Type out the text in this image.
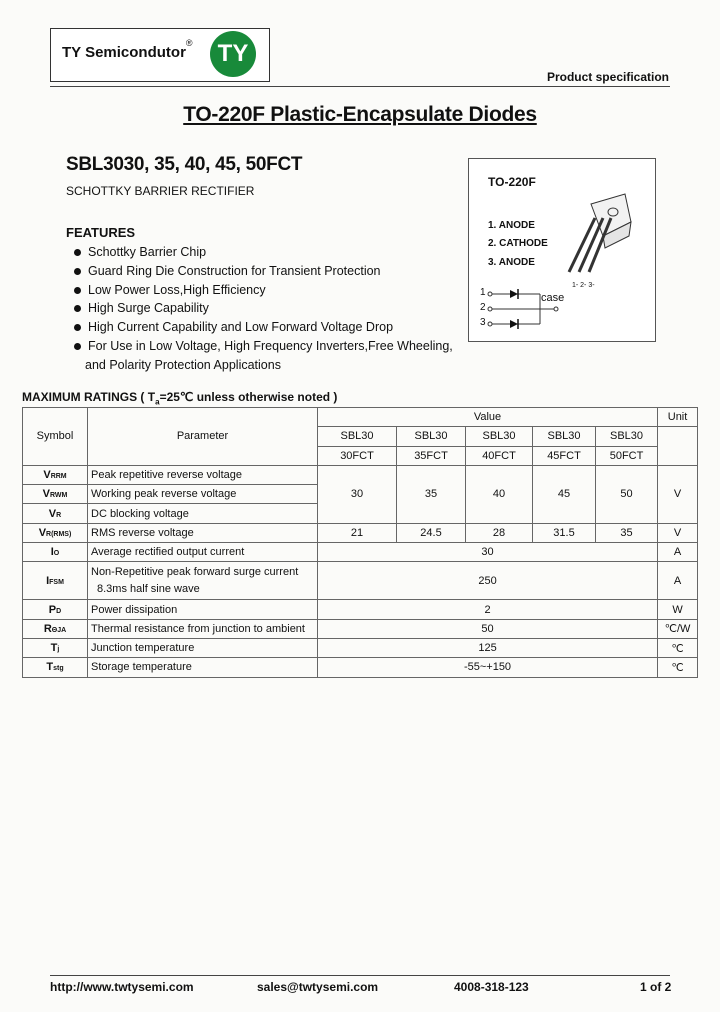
TY Semicondutor®	TY
Product specification
TO-220F Plastic-Encapsulate Diodes
SBL3030, 35, 40, 45, 50FCT
SCHOTTKY BARRIER RECTIFIER
FEATURES
Schottky Barrier Chip
Guard Ring Die Construction for Transient Protection
Low Power Loss,High Efficiency
High Surge Capability
High Current Capability and Low Forward Voltage Drop
For Use in Low Voltage, High Frequency Inverters,Free Wheeling,
and Polarity Protection Applications
TO-220F
1. ANODE
2. CATHODE
3. ANODE
1- 2- 3-
1
2
3
case
MAXIMUM RATINGS ( $T_a=25℃$ unless otherwise noted )
Symbol	Parameter	Value					Unit
		SBL30	SBL30	SBL30	SBL30	SBL30	
		30FCT	35FCT	40FCT	45FCT	50FCT	
VRRM	Peak repetitive reverse voltage	30	35	40	45	50	V
VRWM	Working peak reverse voltage						
VR	DC blocking voltage						
VR(RMS)	RMS reverse voltage	21	24.5	28	31.5	35	V
IO	Average rectified output current	30					A
IFSM	Non-Repetitive peak forward surge current
8.3ms half sine wave	250					A
PD	Power dissipation	2					W
RΘJA	Thermal resistance from junction to ambient	50					℃/W
Tj	Junction temperature	125					℃
Tstg	Storage temperature	-55~+150					℃
http://www.twtysemi.com	sales@twtysemi.com	4008-318-123	1 of 2
